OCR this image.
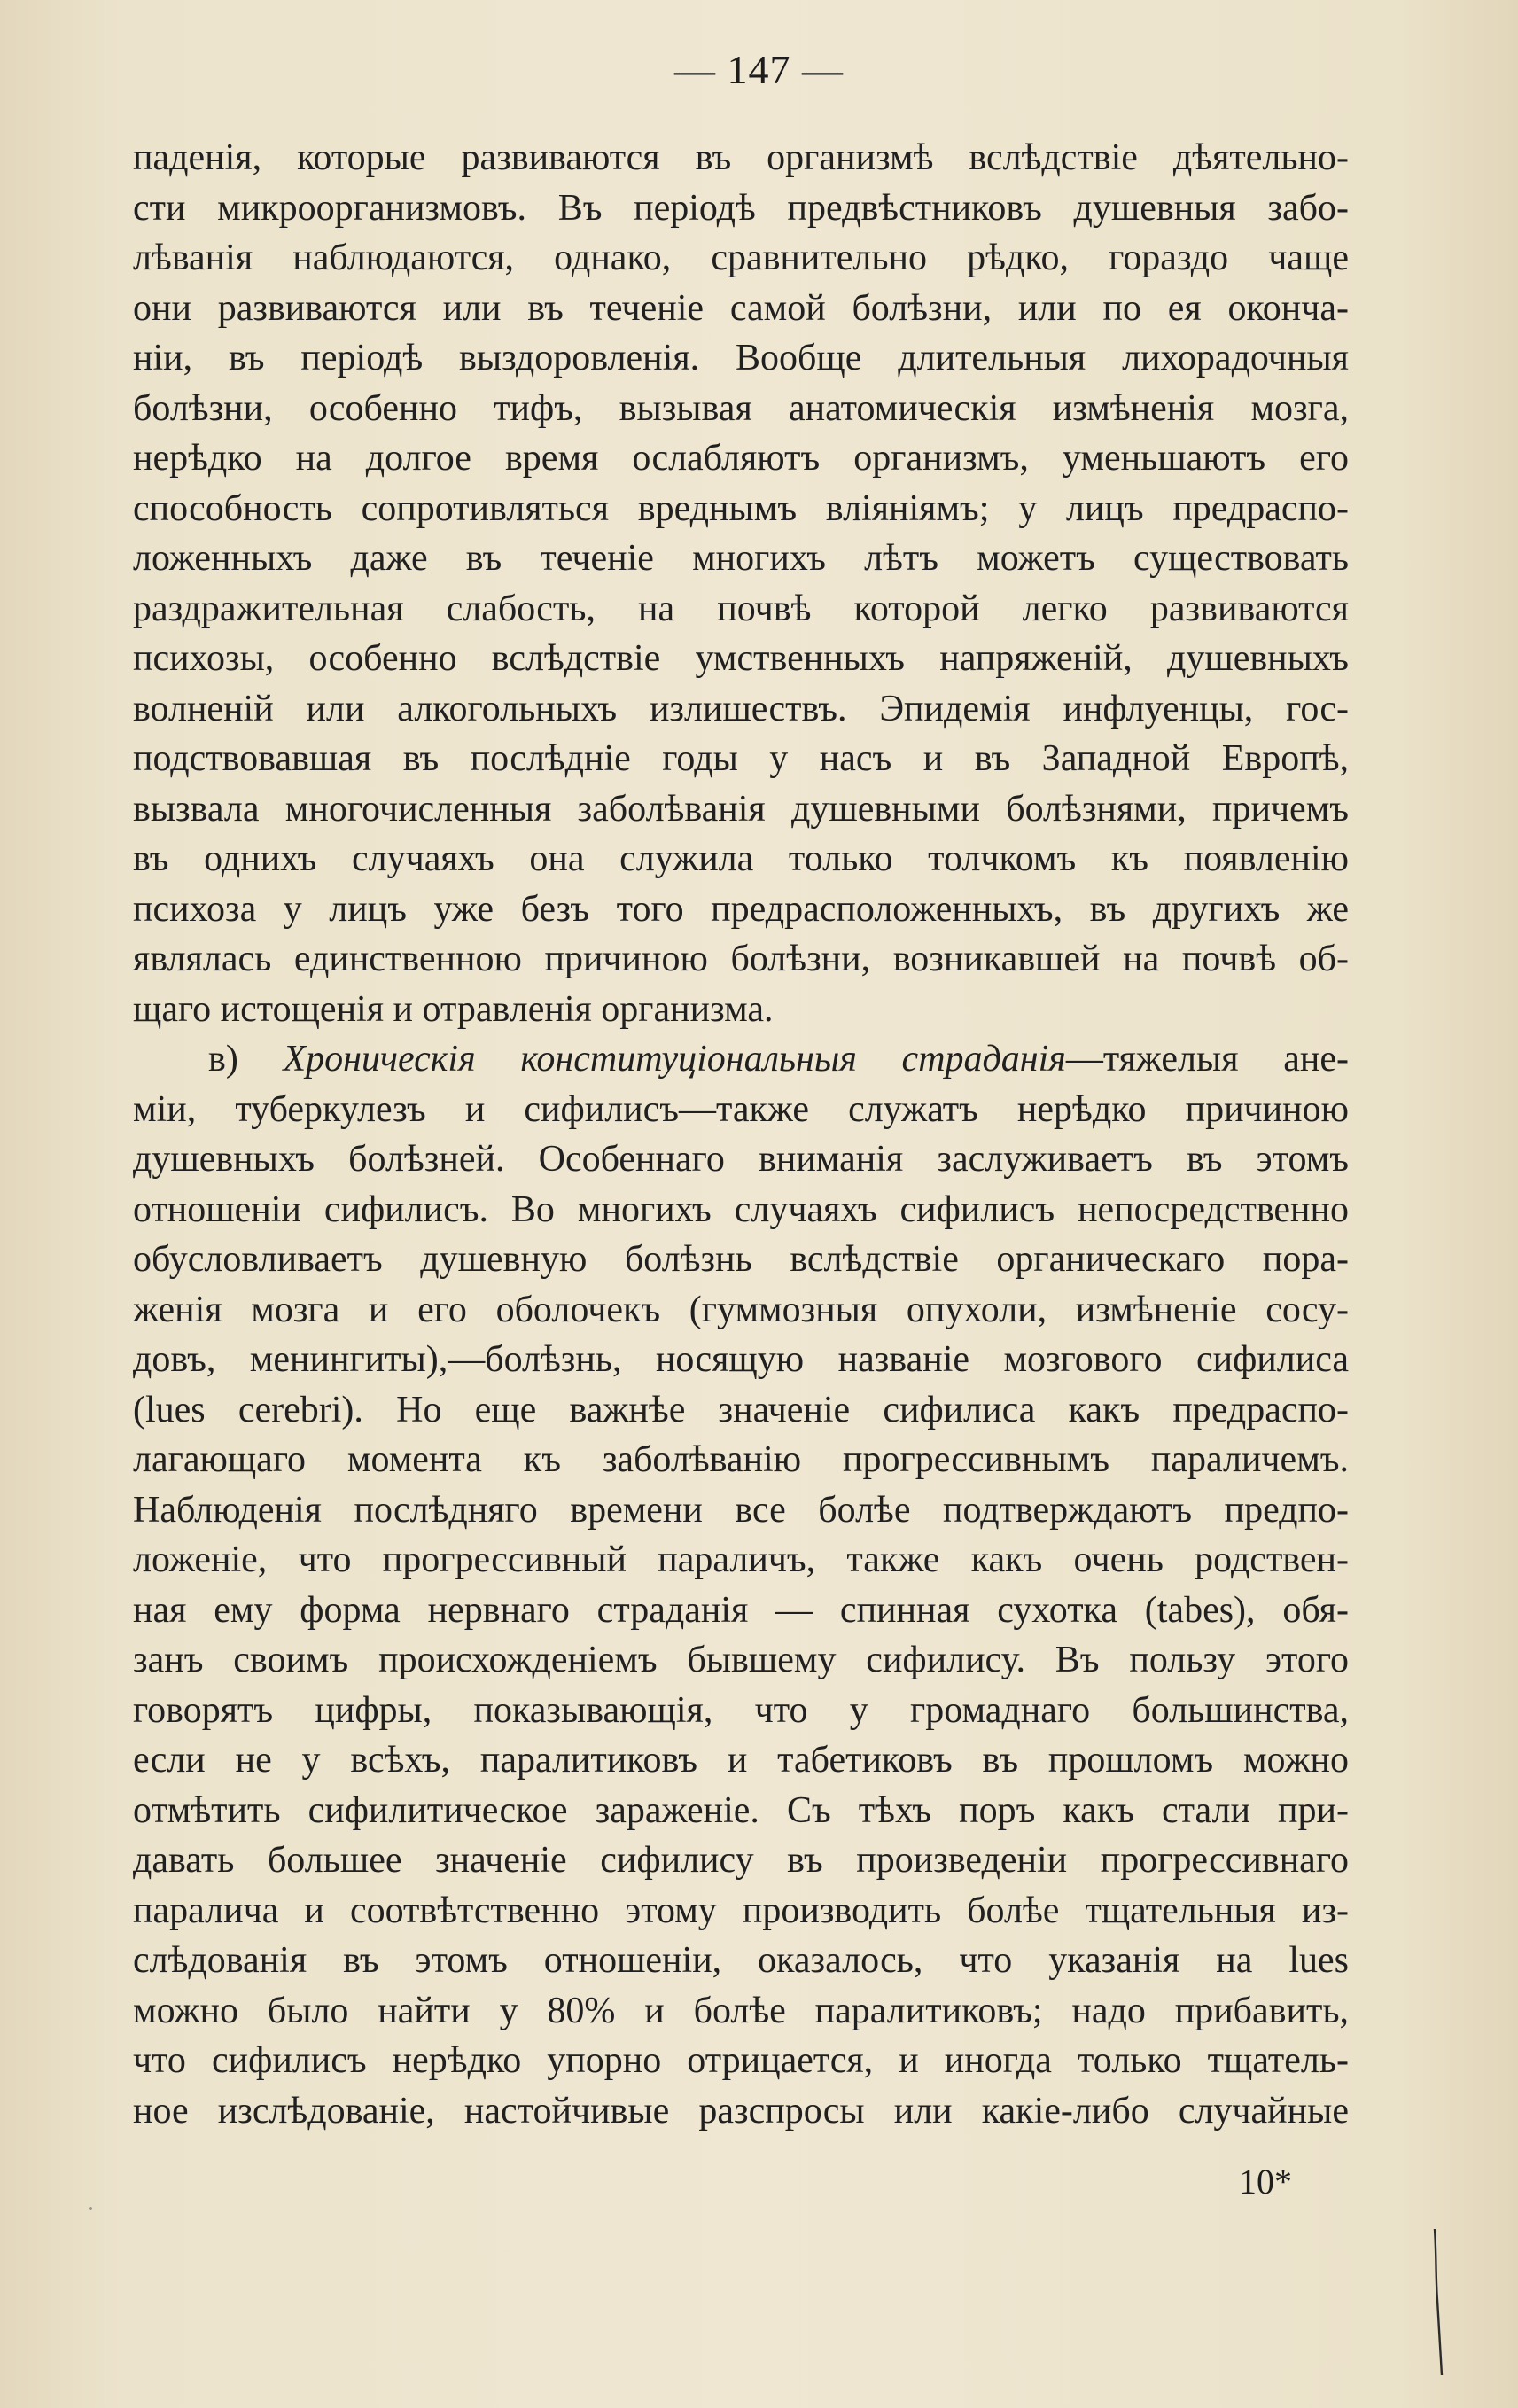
— 147 —
паденія, которые развиваются въ организмѣ вслѣдствіе дѣятельно-
сти микроорганизмовъ. Въ періодѣ предвѣстниковъ душевныя забо-
лѣванія наблюдаются, однако, сравнительно рѣдко, гораздо чаще
они развиваются или въ теченіе самой болѣзни, или по ея оконча-
ніи, въ періодѣ выздоровленія. Вообще длительныя лихорадочныя
болѣзни, особенно тифъ, вызывая анатомическія измѣненія мозга,
нерѣдко на долгое время ослабляютъ организмъ, уменьшаютъ его
способность сопротивляться вреднымъ вліяніямъ; у лицъ предраспо-
ложенныхъ даже въ теченіе многихъ лѣтъ можетъ существовать
раздражительная слабость, на почвѣ которой легко развиваются
психозы, особенно вслѣдствіе умственныхъ напряженій, душевныхъ
волненій или алкогольныхъ излишествъ. Эпидемія инфлуенцы, гос-
подствовавшая въ послѣдніе годы у насъ и въ Западной Европѣ,
вызвала многочисленныя заболѣванія душевными болѣзнями, причемъ
въ однихъ случаяхъ она служила только толчкомъ къ появленію
психоза у лицъ уже безъ того предрасположенныхъ, въ другихъ же
являлась единственною причиною болѣзни, возникавшей на почвѣ об-
щаго истощенія и отравленія организма.
в) Хроническія конституціональныя страданія—тяжелыя ане-
міи, туберкулезъ и сифилисъ—также служатъ нерѣдко причиною
душевныхъ болѣзней. Особеннаго вниманія заслуживаетъ въ этомъ
отношеніи сифилисъ. Во многихъ случаяхъ сифилисъ непосредственно
обусловливаетъ душевную болѣзнь вслѣдствіе органическаго пора-
женія мозга и его оболочекъ (гуммозныя опухоли, измѣненіе сосу-
довъ, менингиты),—болѣзнь, носящую названіе мозгового сифилиса
(lues cerebri). Но еще важнѣе значеніе сифилиса какъ предраспо-
лагающаго момента къ заболѣванію прогрессивнымъ параличемъ.
Наблюденія послѣдняго времени все болѣе подтверждаютъ предпо-
ложеніе, что прогрессивный параличъ, также какъ очень родствен-
ная ему форма нервнаго страданія — спинная сухотка (tabes), обя-
занъ своимъ происхожденіемъ бывшему сифилису. Въ пользу этого
говорятъ цифры, показывающія, что у громаднаго большинства,
если не у всѣхъ, паралитиковъ и табетиковъ въ прошломъ можно
отмѣтить сифилитическое зараженіе. Съ тѣхъ поръ какъ стали при-
давать большее значеніе сифилису въ произведеніи прогрессивнаго
паралича и соотвѣтственно этому производить болѣе тщательныя из-
слѣдованія въ этомъ отношеніи, оказалось, что указанія на lues
можно было найти у 80% и болѣе паралитиковъ; надо прибавить,
что сифилисъ нерѣдко упорно отрицается, и иногда только тщатель-
ное изслѣдованіе, настойчивые разспросы или какіе-либо случайные
10*
